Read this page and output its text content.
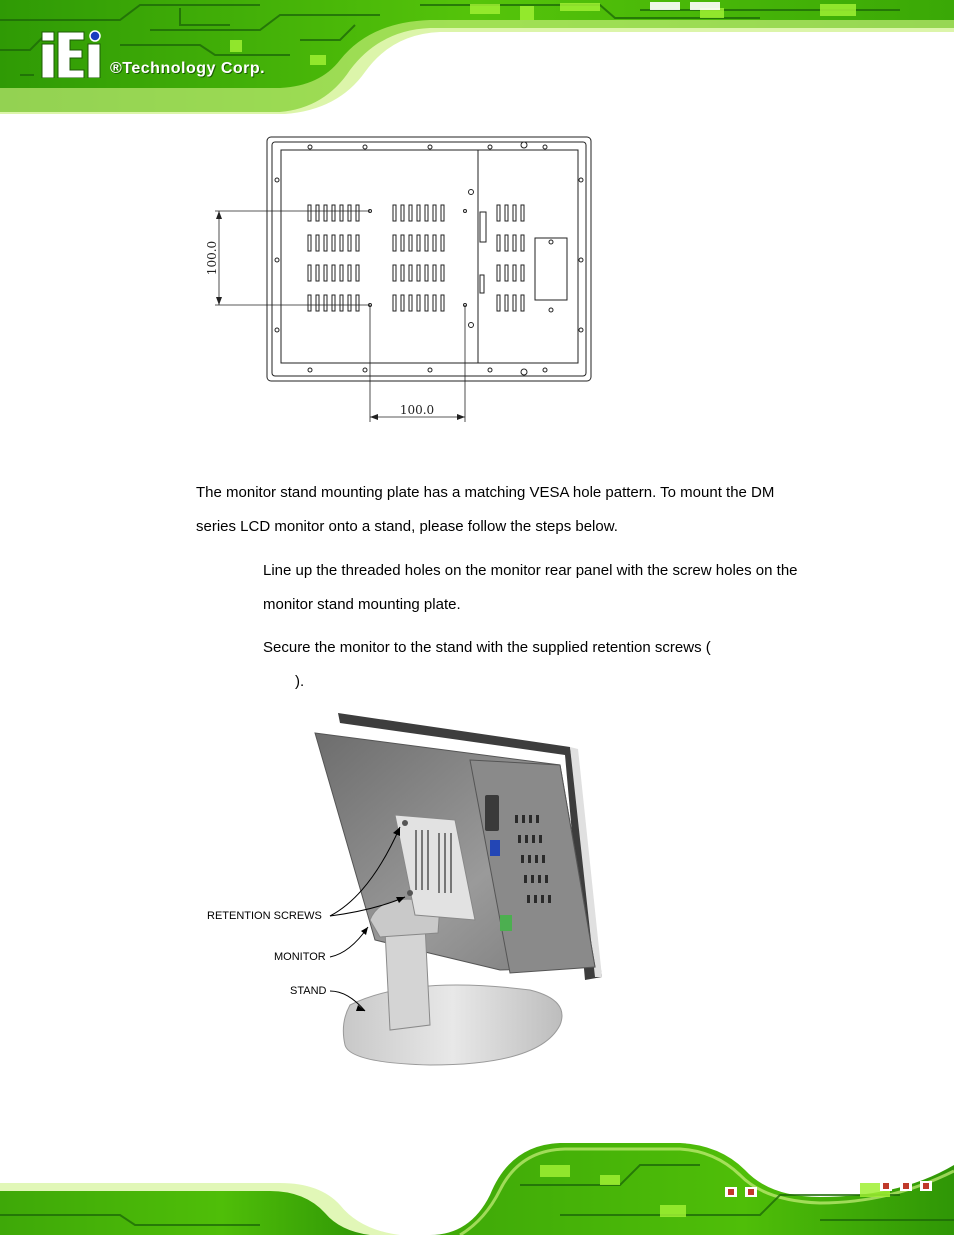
®Technology Corp.
100.0
100.0
The monitor stand mounting plate has a matching VESA hole pattern. To mount the DM
series LCD monitor onto a stand, please follow the steps below.
Line up the threaded holes on the monitor rear panel with the screw holes on the
monitor stand mounting plate.
Secure the monitor to the stand with the supplied retention screws (
).
RETENTION SCREWS
MONITOR
STAND
